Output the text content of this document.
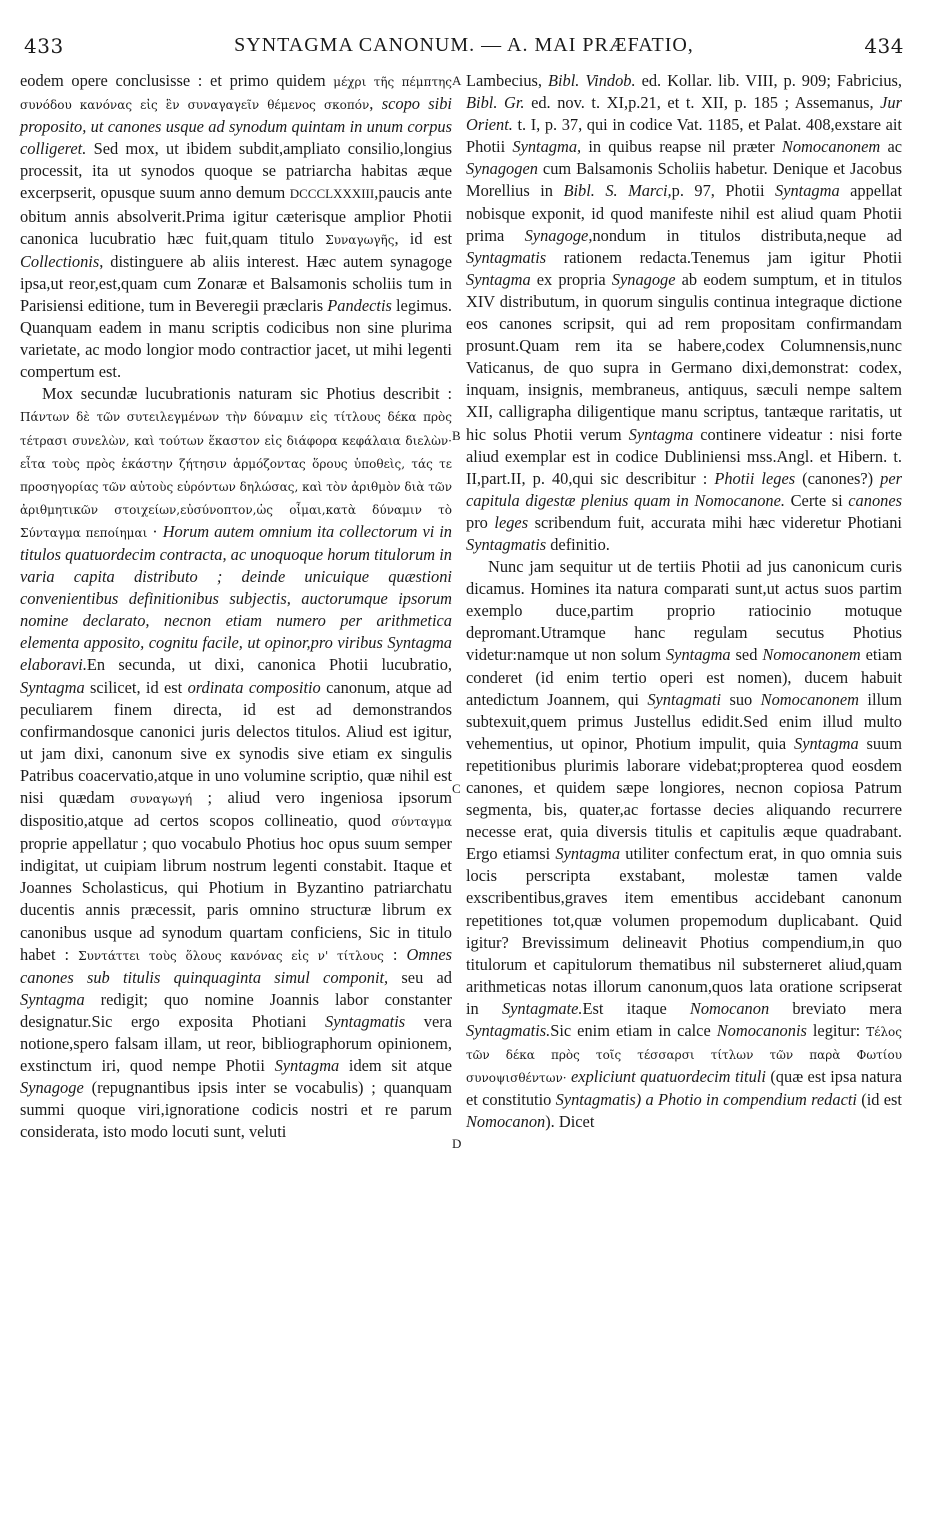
433	SYNTAGMA CANONUM. — A. MAI PRÆFATIO,	434
A
B
C
D

eodem opere conclusisse : et primo quidem μέχρι τῆς πέμπτης συνόδου κανόνας εἰς ἓν συναγαγεῖν θέμενος σκοπόν, scopo sibi proposito, ut canones usque ad synodum quintam in unum corpus colligeret. Sed mox, ut ibidem subdit,ampliato consilio,longius processit, ita ut synodos quoque se patriarcha habitas æque excerpserit, opusque suum anno demum DCCCLXXXIII,paucis ante obitum annis absolverit.Prima igitur cæterisque amplior Photii canonica lucubratio hæc fuit,quam titulo Συναγωγῆς, id est Collectionis, distinguere ab aliis interest. Hæc autem synagoge ipsa,ut reor,est,quam cum Zonaræ et Balsamonis scholiis tum in Parisiensi editione, tum in Beveregii præclaris Pandectis legimus. Quanquam eadem in manu scriptis codicibus non sine plurima varietate, ac modo longior modo contractior jacet, ut mihi legenti compertum est.

Mox secundæ lucubrationis naturam sic Photius describit : Πάντων δὲ τῶν συτειλεγμένων τὴν δύναμιν εἰς τίτλους δέκα πρὸς τέτρασι συνελὼν, καὶ τούτων ἕκαστον εἰς διάφορα κεφάλαια διελὼν· εἶτα τοὺς πρὸς ἑκάστην ζήτησιν ἁρμόζοντας ὅρους ὑποθεὶς, τάς τε προσηγορίας τῶν αὐτοὺς εὑρόντων δηλώσας, καὶ τὸν ἀριθμὸν διὰ τῶν ἀριθμητικῶν στοιχείων,εὐσύνοπτον,ὡς οἶμαι,κατὰ δύναμιν τὸ Σύνταγμα πεποίημαι · Horum autem omnium ita collectorum vi in titulos quatuordecim contracta, ac unoquoque horum titulorum in varia capita distributo ; deinde unicuique quæstioni convenientibus definitionibus subjectis, auctorumque ipsorum nomine declarato, necnon etiam numero per arithmetica elementa apposito, cognitu facile, ut opinor,pro viribus Syntagma elaboravi.En secunda, ut dixi, canonica Photii lucubratio, Syntagma scilicet, id est ordinata compositio canonum, atque ad peculiarem finem directa, id est ad demonstrandos confirmandosque canonici juris delectos titulos. Aliud est igitur, ut jam dixi, canonum sive ex synodis sive etiam ex singulis Patribus coacervatio,atque in uno volumine scriptio, quæ nihil est nisi quædam συναγωγή ; aliud vero ingeniosa ipsorum dispositio,atque ad certos scopos collineatio, quod σύνταγμα proprie appellatur ; quo vocabulo Photius hoc opus suum semper indigitat, ut cuipiam librum nostrum legenti constabit. Itaque et Joannes Scholasticus, qui Photium in Byzantino patriarchatu ducentis annis præcessit, paris omnino structuræ librum ex canonibus usque ad synodum quartam conficiens, Sic in titulo habet : Συντάττει τοὺς ὅλους κανόνας εἰς ν' τίτλους : Omnes canones sub titulis quinquaginta simul componit, seu ad Syntagma redigit; quo nomine Joannis labor constanter designatur.Sic ergo exposita Photiani Syntagmatis vera notione,spero falsam illam, ut reor, bibliographorum opinionem, exstinctum iri, quod nempe Photii Syntagma idem sit atque Synagoge (repugnantibus ipsis inter se vocabulis) ; quanquam summi quoque viri,ignoratione codicis nostri et re parum considerata, isto modo locuti sunt, veluti

Lambecius, Bibl. Vindob. ed. Kollar. lib. VIII, p. 909; Fabricius, Bibl. Gr. ed. nov. t. XI,p.21, et t. XII, p. 185 ; Assemanus, Jur Orient. t. I, p. 37, qui in codice Vat. 1185, et Palat. 408,exstare ait Photii Syntagma, in quibus reapse nil præter Nomocanonem ac Synagogen cum Balsamonis Scholiis habetur. Denique et Jacobus Morellius in Bibl. S. Marci,p. 97, Photii Syntagma appellat nobisque exponit, id quod manifeste nihil est aliud quam Photii prima Synagoge,nondum in titulos distributa,neque ad Syntagmatis rationem redacta.Tenemus jam igitur Photii Syntagma ex propria Synagoge ab eodem sumptum, et in titulos XIV distributum, in quorum singulis continua integraque dictione eos canones scripsit, qui ad rem propositam confirmandam prosunt.Quam rem ita se habere,codex Columnensis,nunc Vaticanus, de quo supra in Germano dixi,demonstrat: codex, inquam, insignis, membraneus, antiquus, sæculi nempe saltem XII, calligrapha diligentique manu scriptus, tantæque raritatis, ut hic solus Photii verum Syntagma continere videatur : nisi forte aliud exemplar est in codice Dubliniensi mss.Angl. et Hibern. t. II,part.II, p. 40,qui sic describitur : Photii leges (canones?) per capitula digestæ plenius quam in Nomocanone. Certe si canones pro leges scribendum fuit, accurata mihi hæc videretur Photiani Syntagmatis definitio.

Nunc jam sequitur ut de tertiis Photii ad jus canonicum curis dicamus. Homines ita natura comparati sunt,ut actus suos partim exemplo duce,partim proprio ratiocinio motuque depromant.Utramque hanc regulam secutus Photius videtur:namque ut non solum Syntagma sed Nomocanonem etiam conderet (id enim tertio operi est nomen), ducem habuit antedictum Joannem, qui Syntagmati suo Nomocanonem illum subtexuit,quem primus Justellus edidit.Sed enim illud multo vehementius, ut opinor, Photium impulit, quia Syntagma suum repetitionibus plurimis laborare videbat;propterea quod eosdem canones, et quidem sæpe longiores, necnon copiosa Patrum segmenta, bis, quater,ac fortasse decies aliquando recurrere necesse erat, quia diversis titulis et capitulis æque quadrabant. Ergo etiamsi Syntagma utiliter confectum erat, in quo omnia suis locis perscripta exstabant, molestæ tamen valde exscribentibus,graves item ementibus accidebant canonum repetitiones tot,quæ volumen propemodum duplicabant. Quid igitur? Brevissimum delineavit Photius compendium,in quo titulorum et capitulorum thematibus nil substerneret aliud,quam arithmeticas notas illorum canonum,quos lata oratione scripserat in Syntagmate.Est itaque Nomocanon breviato mera Syntagmatis.Sic enim etiam in calce Nomocanonis legitur: Τέλος τῶν δέκα πρὸς τοῖς τέσσαρσι τίτλων τῶν παρὰ Φωτίου συνοψισθέντων· expliciunt quatuordecim tituli (quæ est ipsa natura et constitutio Syntagmatis) a Photio in compendium redacti (id est Nomocanon). Dicet
